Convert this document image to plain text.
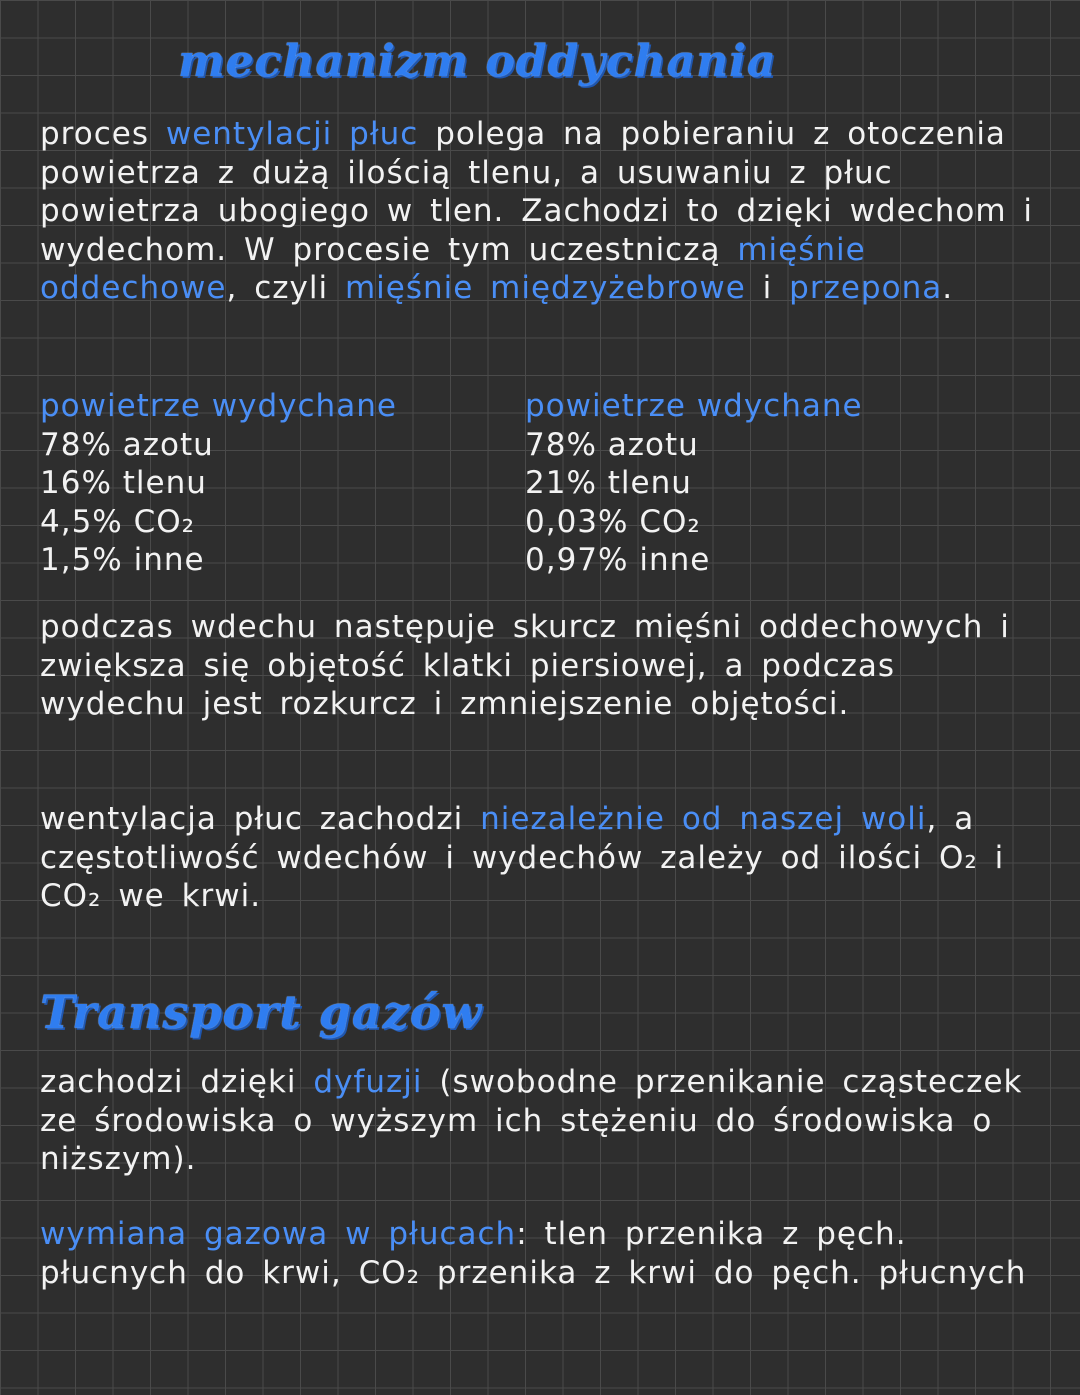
mechanizm oddychania
proces wentylacji płuc polega na pobieraniu z otoczenia powietrza z dużą ilością tlenu, a usuwaniu z płuc powietrza ubogiego w tlen. Zachodzi to dzięki wdechom i wydechom. W procesie tym uczestniczą mięśnie oddechowe, czyli mięśnie międzyżebrowe i przepona.
powietrze wydychane
78% azotu
16% tlenu
4,5% CO₂
1,5% inne
powietrze wdychane
78% azotu
21% tlenu
0,03% CO₂
0,97% inne
podczas wdechu następuje skurcz mięśni oddechowych i zwiększa się objętość klatki piersiowej, a podczas wydechu jest rozkurcz i zmniejszenie objętości.
wentylacja płuc zachodzi niezależnie od naszej woli, a częstotliwość wdechów i wydechów zależy od ilości O₂ i CO₂ we krwi.
Transport gazów
zachodzi dzięki dyfuzji (swobodne przenikanie cząsteczek ze środowiska o wyższym ich stężeniu do środowiska o niższym).
wymiana gazowa w płucach: tlen przenika z pęch. płucnych do krwi, CO₂ przenika z krwi do pęch. płucnych
